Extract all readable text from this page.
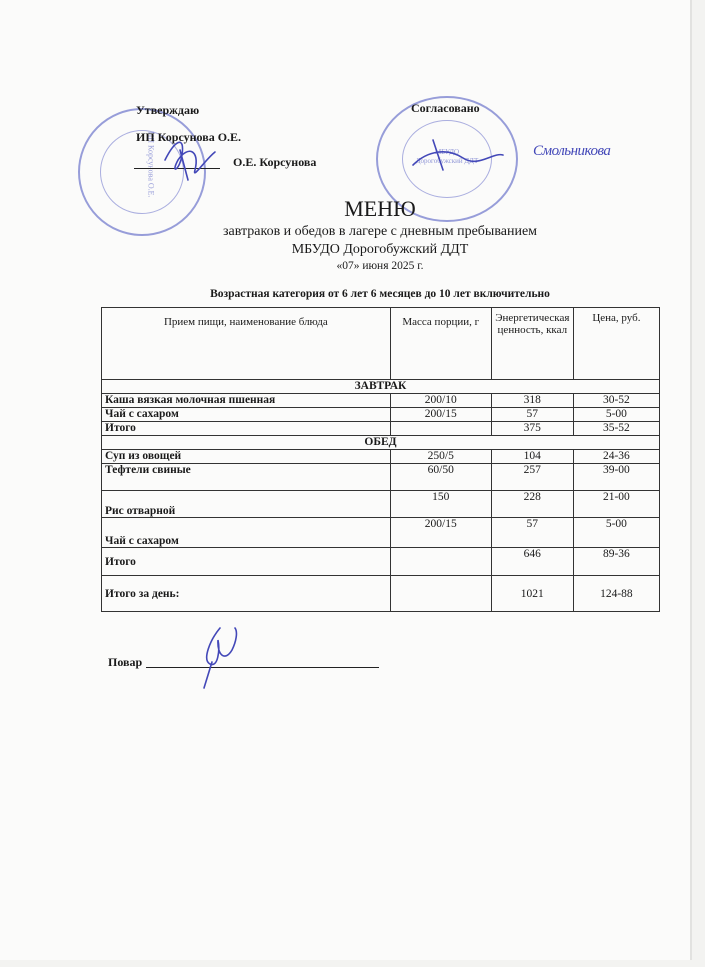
ИП Корсунова О.Е.	МБУДО Дорогобужский ДДТ
Утверждаю
ИП Корсунова О.Е.
О.Е. Корсунова
Согласовано
Смольникова
МЕНЮ
завтраков и обедов в лагере с дневным пребыванием
МБУДО Дорогобужский ДДТ
«07» июня 2025 г.
Возрастная категория от 6 лет 6 месяцев до 10 лет включительно
Прием пищи, наименование блюда	Масса порции, г	Энергетическая ценность, ккал	Цена, руб.
ЗАВТРАК			
Каша вязкая молочная пшенная	200/10	318	30-52
Чай с сахаром	200/15	57	5-00
Итого		375	35-52
ОБЕД			
Суп из овощей	250/5	104	24-36
Тефтели свиные	60/50	257	39-00
Рис отварной	150	228	21-00
Чай с сахаром	200/15	57	5-00
Итого		646	89-36
Итого за день:		1021	124-88
Повар
